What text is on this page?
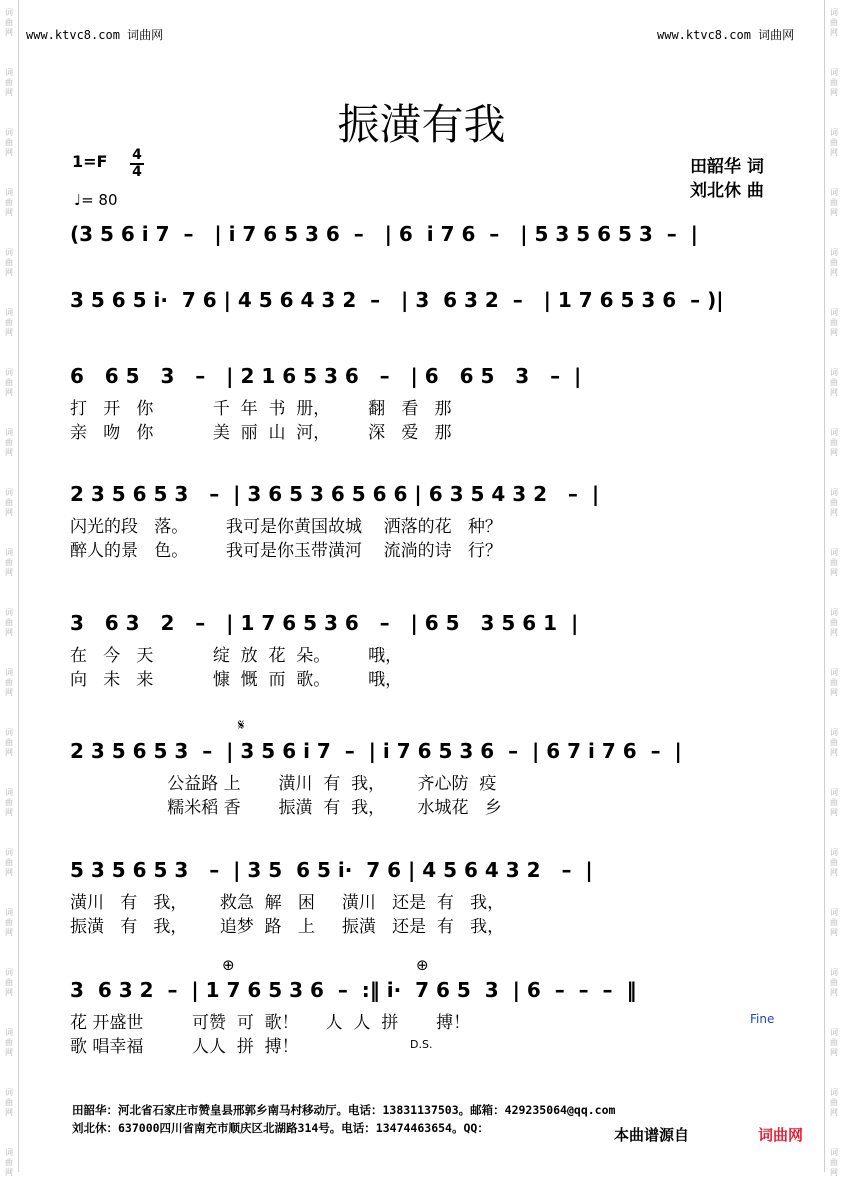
词
曲
网
词
曲
网
词
曲
网
词
曲
网
词
曲
网
词
曲
网
词
曲
网
词
曲
网
词
曲
网
词
曲
网
词
曲
网
词
曲
网
词
曲
网
词
曲
网
词
曲
网
词
曲
网
词
曲
网
词
曲
网
词
曲
网
词
曲
网
词
曲
网
词
曲
网
词
曲
网
词
曲
网
词
曲
网
词
曲
网
词
曲
网
词
曲
网
词
曲
网
词
曲
网
词
曲
网
词
曲
网
词
曲
网
词
曲
网
词
曲
网
词
曲
网
词
曲
网
词
曲
网
词
曲
网
词
曲
网
www.ktvc8.com 词曲网	www.ktvc8.com 词曲网
振潢有我
1=F 4
4
♩= 80
田韶华 词
刘北休 曲
(3 5 6 i 7  –   | i 7 6 5 3 6  –   | 6  i 7 6  –   | 5 3 5 6 5 3  –  |
3 5 6 5 i·  7 6 | 4 5 6 4 3 2  –   | 3  6 3 2  –   | 1 7 6 5 3 6  – )|
6   6 5   3   –   | 2 1 6 5 3 6   –   | 6   6 5   3   –  |
打   开   你           千  年  书  册，       翻   看   那
亲   吻   你           美  丽  山  河，       深   爱   那
2 3 5 6 5 3   –  | 3 6 5 3 6 5 6 6 | 6 3 5 4 3 2   –  |
闪光的段   落。       我可是你黄国故城    洒落的花   种？
醉人的景   色。       我可是你玉带潢河    流淌的诗   行？
3   6 3   2   –   | 1 7 6 5 3 6   –   | 6 5   3 5 6 1  |
在   今   天           绽  放  花  朵。       哦，
向   未   来           慷  慨  而  歌。       哦，
𝄋
2 3 5 6 5 3  –  | 3 5 6 i 7  –  | i 7 6 5 3 6  –  | 6 7 i 7 6  –  |
公益路 上       潢川  有  我，      齐心防  疫
糯米稻 香       振潢  有  我，      水城花   乡
5 3 5 6 5 3   –  | 3 5  6 5 i·  7 6 | 4 5 6 4 3 2   –  |
潢川   有   我，      救急  解   困     潢川   还是  有   我，
振潢   有   我，      追梦  路   上     振潢   还是  有   我，
⊕	⊕
3  6 3 2  –  | 1 7 6 5 3 6  –  :‖ i·  7 6 5  3  | 6  –  –  –  ‖
花 开盛世         可赞  可  歌！     人  人  拼       搏！
歌 唱幸福         人人  拼  搏！
Fine
D.S.
田韶华：河北省石家庄市赞皇县邢郭乡南马村移动厅。电话：13831137503。邮箱：429235064@qq.com
刘北休：637000四川省南充市顺庆区北湖路314号。电话：13474463654。QQ：	本曲谱源自	词曲网
